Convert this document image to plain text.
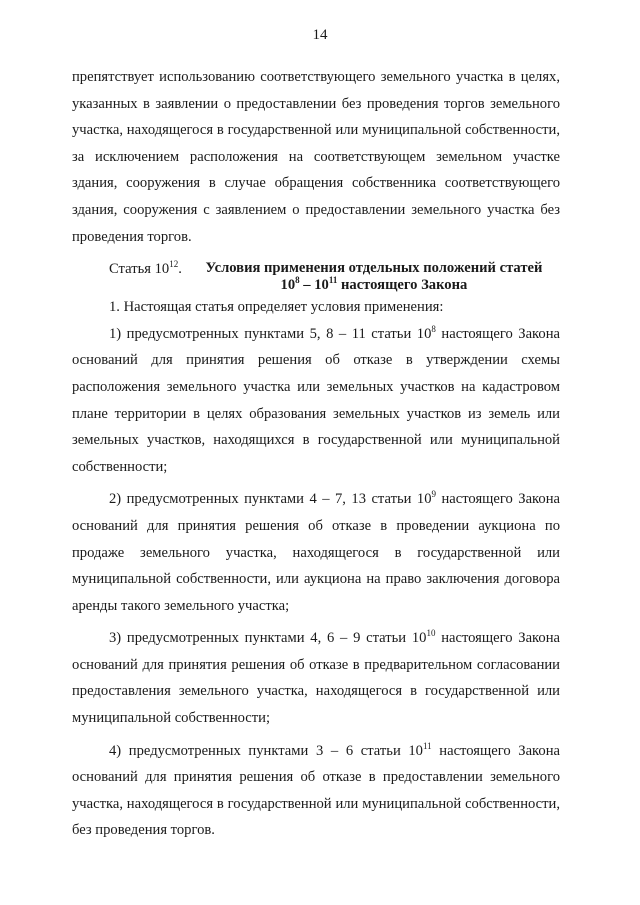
14

препятствует использованию соответствующего земельного участка в целях, указанных в заявлении о предоставлении без проведения торгов земельного участка, находящегося в государственной или муниципальной собственности, за исключением расположения на соответствующем земельном участке здания, сооружения в случае обращения собственника соответствующего здания, сооружения с заявлением о предоставлении земельного участка без проведения торгов.

Статья $10^{12}$.	Условия применения отдельных положений статей
$10^8 - 10^{11}$ настоящего Закона

1. Настоящая статья определяет условия применения:

1) предусмотренных пунктами 5, 8 – 11 статьи $10^8$ настоящего Закона оснований для принятия решения об отказе в утверждении схемы расположения земельного участка или земельных участков на кадастровом плане территории в целях образования земельных участков из земель или земельных участков, находящихся в государственной или муниципальной собственности;

2) предусмотренных пунктами 4 – 7, 13 статьи $10^9$ настоящего Закона оснований для принятия решения об отказе в проведении аукциона по продаже земельного участка, находящегося в государственной или муниципальной собственности, или аукциона на право заключения договора аренды такого земельного участка;

3) предусмотренных пунктами 4, 6 – 9 статьи $10^{10}$ настоящего Закона оснований для принятия решения об отказе в предварительном согласовании предоставления земельного участка, находящегося в государственной или муниципальной собственности;

4) предусмотренных пунктами 3 – 6 статьи $10^{11}$ настоящего Закона оснований для принятия решения об отказе в предоставлении земельного участка, находящегося в государственной или муниципальной собственности, без проведения торгов.
